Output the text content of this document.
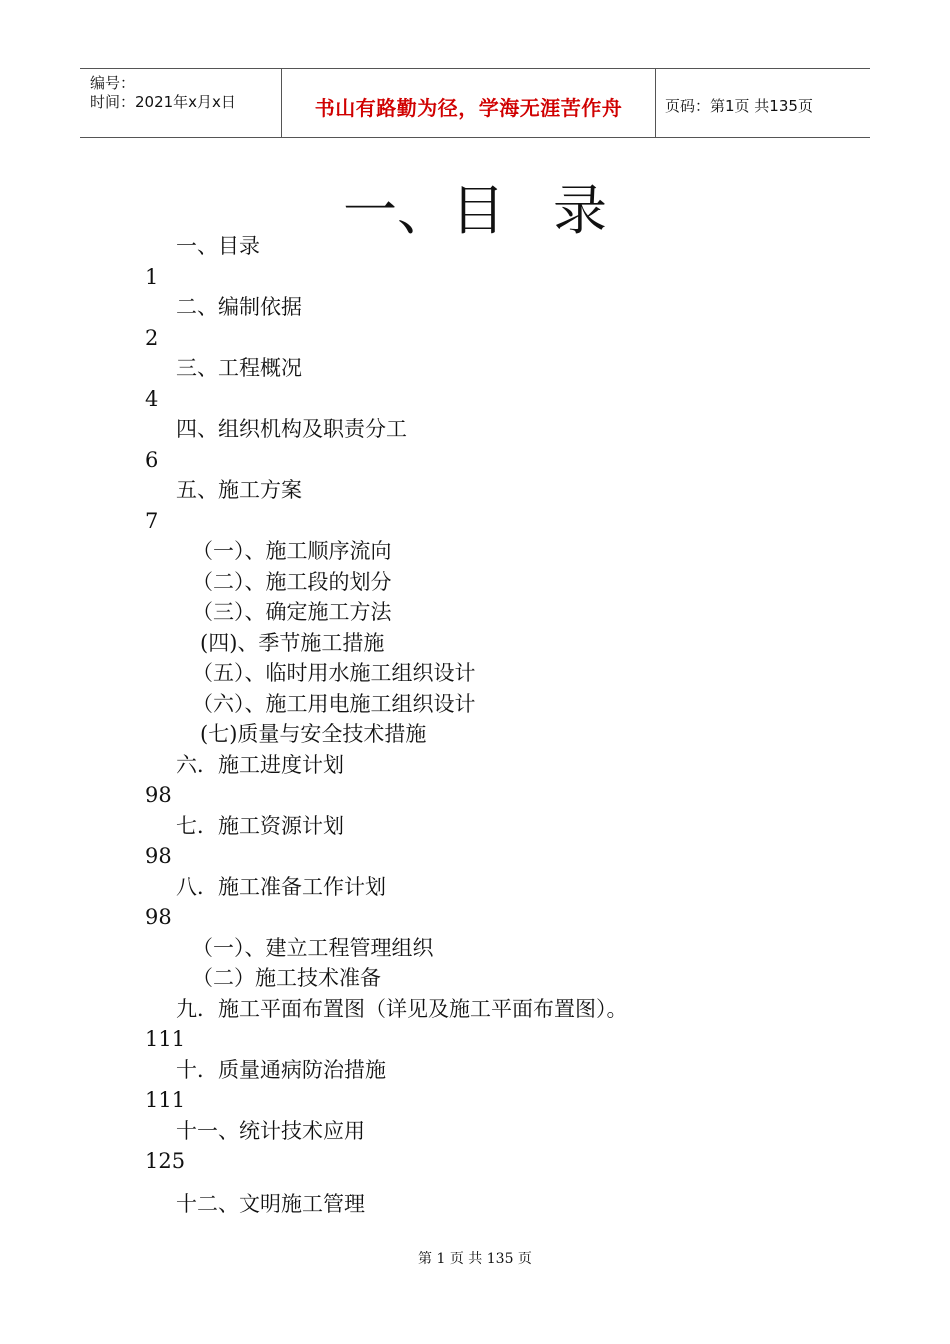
编号：
时间：2021年x月x日	书山有路勤为径，学海无涯苦作舟	页码：第1页 共135页
一、目 录
一、目录
1
二、编制依据
2
三、工程概况
4
四、组织机构及职责分工
6
五、施工方案
7
（一）、施工顺序流向
（二）、施工段的划分
（三）、确定施工方法
(四)、季节施工措施
（五）、临时用水施工组织设计
（六）、施工用电施工组织设计
(七)质量与安全技术措施
六．施工进度计划
98
七．施工资源计划
98
八．施工准备工作计划
98
（一）、建立工程管理组织
（二）施工技术准备
九．施工平面布置图（详见及施工平面布置图）。
111
十．质量通病防治措施
111
十一、统计技术应用
125
十二、文明施工管理
第 1 页 共 135 页
